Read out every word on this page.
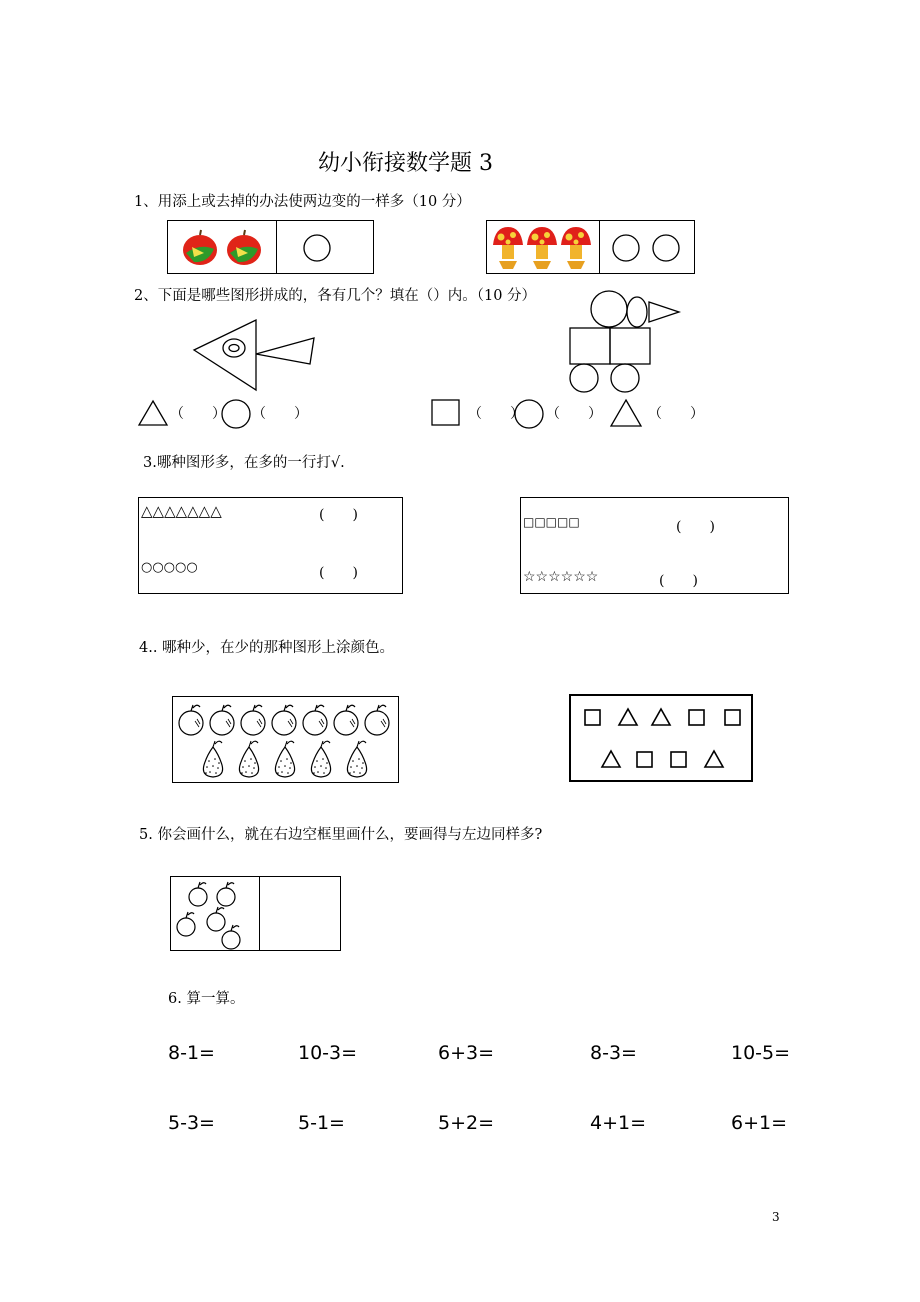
幼小衔接数学题 3
1、用添上或去掉的办法使两边变的一样多（10 分）
2、下面是哪些图形拼成的，各有几个？填在（）内。（10 分）
（　　） （　　）	（　　） （　　）	（　　）
3.哪种图形多，在多的一行打√.
△△△△△△△	(　　)
○○○○○	(　　)
□□□□□	(　　)
☆☆☆☆☆☆	(　　)
4.. 哪种少，在少的那种图形上涂颜色。
5. 你会画什么，就在右边空框里画什么，要画得与左边同样多?
6. 算一算。
8-1=	10-3=	6+3=	8-3=	10-5=
5-3=	5-1=	5+2=	4+1=	6+1=
3
